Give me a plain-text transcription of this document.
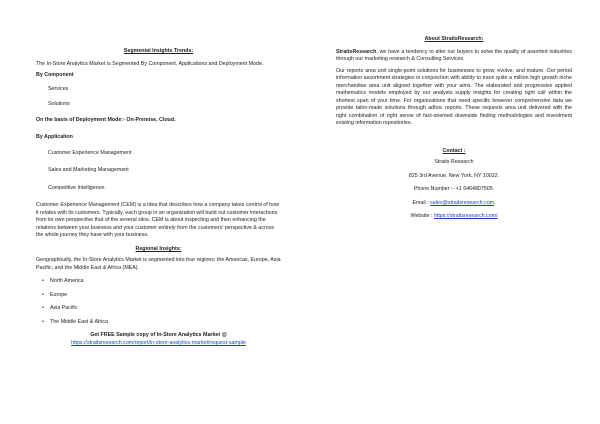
Segmental Insights Trends:

The In-Store Analytics Market is Segmented By Component, Applications and Deployment Mode.

By Component

Services

Solutions

On the basis of Deployment Mode:- On-Premise, Cloud.

By Application

Customer Experience Management

Sales and Marketing Management

Competitive Intelligence.

Customer Experience Management (CEM) is a idea that describes how a company takes control of how it relates with its customers. Typically, each group in an organization will build out customer interactions from its own perspective that of the several silos. CEM is about inspecting and then enhancing the relations between your business and your customer entirely from the customers' perspective & across the whole journey they have with your business.

Regional Insights:

Geographically, the In-Store Analytics Market is segmented into four regions: the Americas, Europe, Asia Pacific, and the Middle East & Africa (MEA).

• North America
• Europe
• Asia Pacific
• The Middle East & Africa

Get FREE Sample copy of In-Store Analytics Market @

https://straitsresearch.com/report/in-store-analytics-market/request-sample

About StraitsResearch:

StraitsResearch, we have a tendency to alter our buyers to solve the quality of assorted industries through our marketing research & Consulting Services.

Our reports area unit single-point solutions for businesses to grow, evolve, and mature. Our period information assortment strategies in conjunction with ability to trace quite a million high growth niche merchandise area unit aligned together with your aims. The elaborated and progressive applied mathematics models employed by our analysts supply insights for creating right call within the shortest span of your time. For organizations that need specific however comprehensive data we provide tailor-made solutions through adhoc reports. These requests area unit delivered with the right combination of right sense of fact-oriented downside finding methodologies and investment existing information repositories.

Contact :

Straits Research

825 3rd Avenue, New York, NY 10022.

Phone Number :- +1 6464807505.

Email : sales@straitsresearch.com.

Website : https://straitsresearch.com/
